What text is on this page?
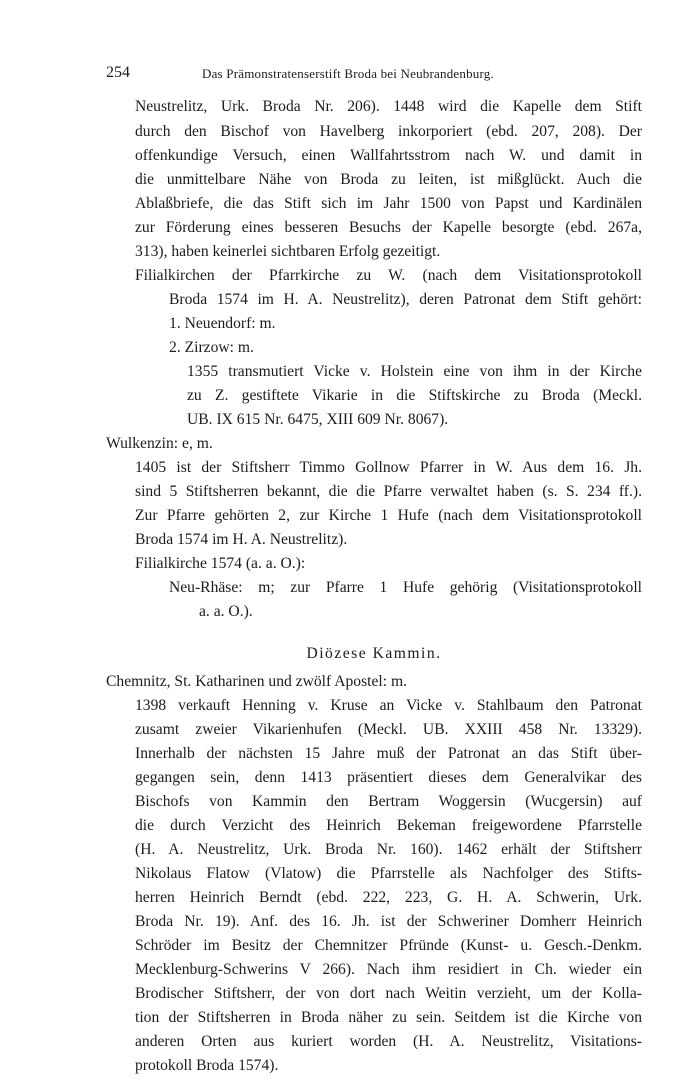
254	Das Prämonstratenserstift Broda bei Neubrandenburg.
Neustrelitz, Urk. Broda Nr. 206). 1448 wird die Kapelle dem Stift
durch den Bischof von Havelberg inkorporiert (ebd. 207, 208). Der
offenkundige Versuch, einen Wallfahrtsstrom nach W. und damit in
die unmittelbare Nähe von Broda zu leiten, ist mißglückt. Auch die
Ablaßbriefe, die das Stift sich im Jahr 1500 von Papst und Kardinälen
zur Förderung eines besseren Besuchs der Kapelle besorgte (ebd. 267a,
313), haben keinerlei sichtbaren Erfolg gezeitigt.
Filialkirchen der Pfarrkirche zu W. (nach dem Visitationsprotokoll
Broda 1574 im H. A. Neustrelitz), deren Patronat dem Stift gehört:
1. Neuendorf: m.
2. Zirzow: m.
1355 transmutiert Vicke v. Holstein eine von ihm in der Kirche
zu Z. gestiftete Vikarie in die Stiftskirche zu Broda (Meckl.
UB. IX 615 Nr. 6475, XIII 609 Nr. 8067).
Wulkenzin: e, m.
1405 ist der Stiftsherr Timmo Gollnow Pfarrer in W. Aus dem 16. Jh.
sind 5 Stiftsherren bekannt, die die Pfarre verwaltet haben (s. S. 234 ff.).
Zur Pfarre gehörten 2, zur Kirche 1 Hufe (nach dem Visitationsprotokoll
Broda 1574 im H. A. Neustrelitz).
Filialkirche 1574 (a. a. O.):
Neu-Rhäse: m; zur Pfarre 1 Hufe gehörig (Visitationsprotokoll
a. a. O.).
Diözese Kammin.
Chemnitz, St. Katharinen und zwölf Apostel: m.
1398 verkauft Henning v. Kruse an Vicke v. Stahlbaum den Patronat
zusamt zweier Vikarienhufen (Meckl. UB. XXIII 458 Nr. 13329).
Innerhalb der nächsten 15 Jahre muß der Patronat an das Stift über-
gegangen sein, denn 1413 präsentiert dieses dem Generalvikar des
Bischofs von Kammin den Bertram Woggersin (Wucgersin) auf
die durch Verzicht des Heinrich Bekeman freigewordene Pfarrstelle
(H. A. Neustrelitz, Urk. Broda Nr. 160). 1462 erhält der Stiftsherr
Nikolaus Flatow (Vlatow) die Pfarrstelle als Nachfolger des Stifts-
herren Heinrich Berndt (ebd. 222, 223, G. H. A. Schwerin, Urk.
Broda Nr. 19). Anf. des 16. Jh. ist der Schweriner Domherr Heinrich
Schröder im Besitz der Chemnitzer Pfründe (Kunst- u. Gesch.-Denkm.
Mecklenburg-Schwerins V 266). Nach ihm residiert in Ch. wieder ein
Brodischer Stiftsherr, der von dort nach Weitin verzieht, um der Kolla-
tion der Stiftsherren in Broda näher zu sein. Seitdem ist die Kirche von
anderen Orten aus kuriert worden (H. A. Neustrelitz, Visitations-
protokoll Broda 1574).
